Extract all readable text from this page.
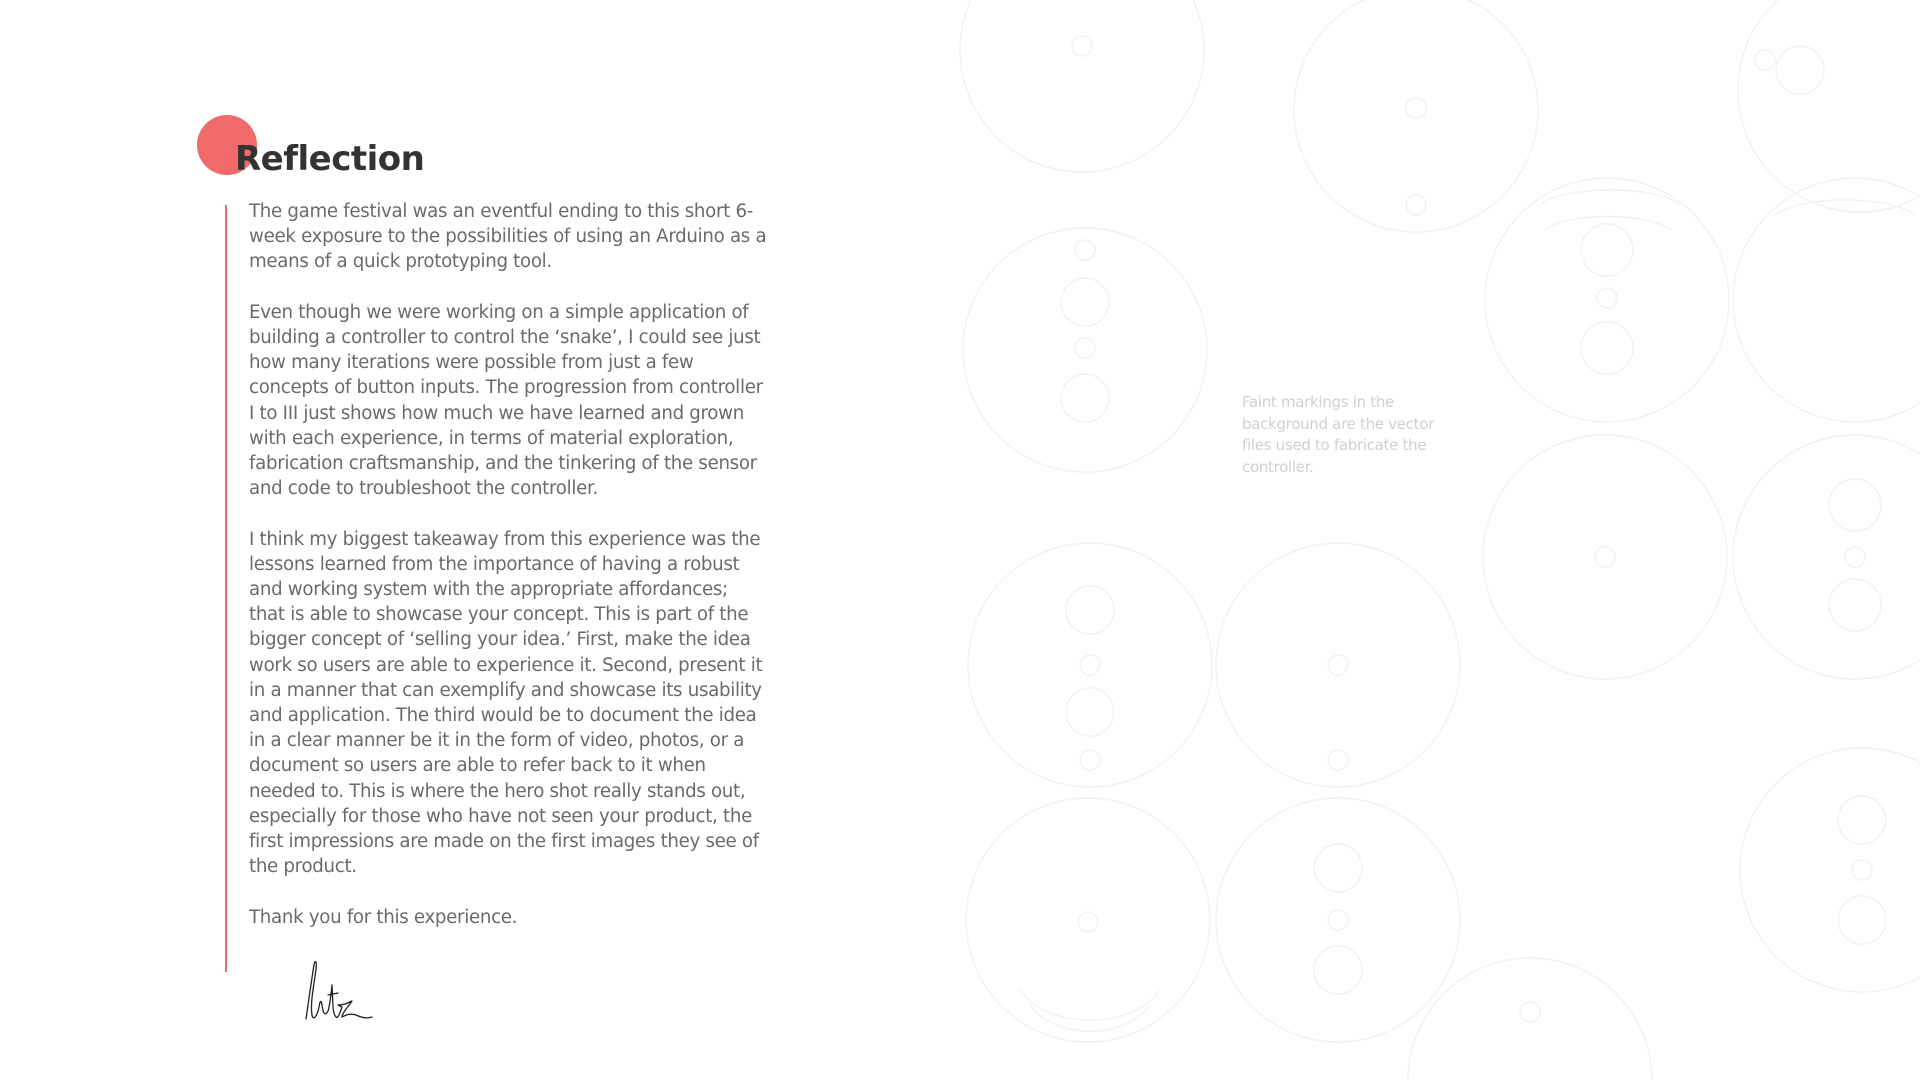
Reflection

The game festival was an eventful ending to this short 6-week exposure to the possibilities of using an Arduino as a means of a quick prototyping tool.

Even though we were working on a simple application of building a controller to control the ‘snake’, I could see just how many iterations were possible from just a few concepts of button inputs. The progression from controller I to III just shows how much we have learned and grown with each experience, in terms of material exploration, fabrication craftsmanship, and the tinkering of the sensor and code to troubleshoot the controller.

I think my biggest takeaway from this experience was the lessons learned from the importance of having a robust and working system with the appropriate affordances; that is able to showcase your concept. This is part of the bigger concept of ‘selling your idea.’ First, make the idea work so users are able to experience it. Second, present it in a manner that can exemplify and showcase its usability and application. The third would be to document the idea in a clear manner be it in the form of video, photos, or a document so users are able to refer back to it when needed to. This is where the hero shot really stands out, especially for those who have not seen your product, the first impressions are made on the first images they see of the product.

Thank you for this experience.

Faint markings in the background are the vector files used to fabricate the controller.
